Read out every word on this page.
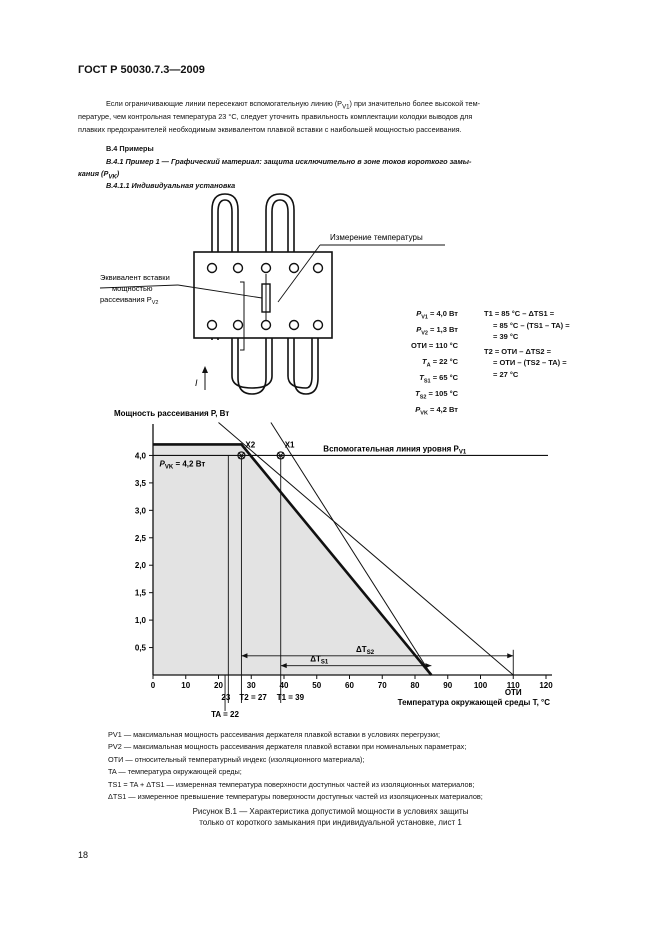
ГОСТ Р 50030.7.3—2009
Если ограничивающие линии пересекают вспомогательную линию $(P_{V1})$ при значительно более высокой тем-
пературе, чем контрольная температура 23 °С, следует уточнить правильность комплектации колодки выводов для
плавких предохранителей необходимым эквивалентом плавкой вставки с наибольшей мощностью рассеивания.
В.4 Примеры
В.4.1 Пример 1 — Графический материал: защита исключительно в зоне токов короткого замы-
кания $(P_{VK})$
В.4.1.1 Индивидуальная установка
Измерение температуры
Эквивалент вставки
мощностью
рассеивания $P_{V2}$
I
$P_{V1} = 4,0$ Вт
$P_{V2} = 1,3$ Вт
ОТИ = 110 °С
$T_A = 22$ °С
$T_{S1} = 65$ °С
$T_{S2} = 105$ °С
$P_{VK} = 4,2$ Вт
T1 = 85 °С – ΔTS1 =
= 85 °С – (TS1 – TA) =
= 39 °С
T2 = ОТИ – ΔTS2 =
= ОТИ – (TS2 – TA) =
= 27 °С
Мощность рассеивания P, Вт
0,5
1,0
1,5
2,0
2,5
3,0
3,5
4,0
0	10	20	30	40	50	60	70	80	90	100 110 120
X2	X1	Вспомогательная линия уровня $P_{V1}$
$P_{VK} = 4,2$ Вт
$\Delta T_{S2}$
$\Delta T_{S1}$
23 T2 = 27 T1 = 39
ОТИ
TA = 22
Температура окружающей среды T, °С
PV1 — максимальная мощность рассеивания держателя плавкой вставки в условиях перегрузки;
PV2 — максимальная мощность рассеивания держателя плавкой вставки при номинальных параметрах;
ОТИ — относительный температурный индекс (изоляционного материала);
TA — температура окружающей среды;
TS1 = TA + ΔTS1 — измеренная температура поверхности доступных частей из изоляционных материалов;
ΔTS1 — измеренное превышение температуры поверхности доступных частей из изоляционных материалов;
Рисунок В.1 — Характеристика допустимой мощности в условиях защиты
только от короткого замыкания при индивидуальной установке, лист 1
18
